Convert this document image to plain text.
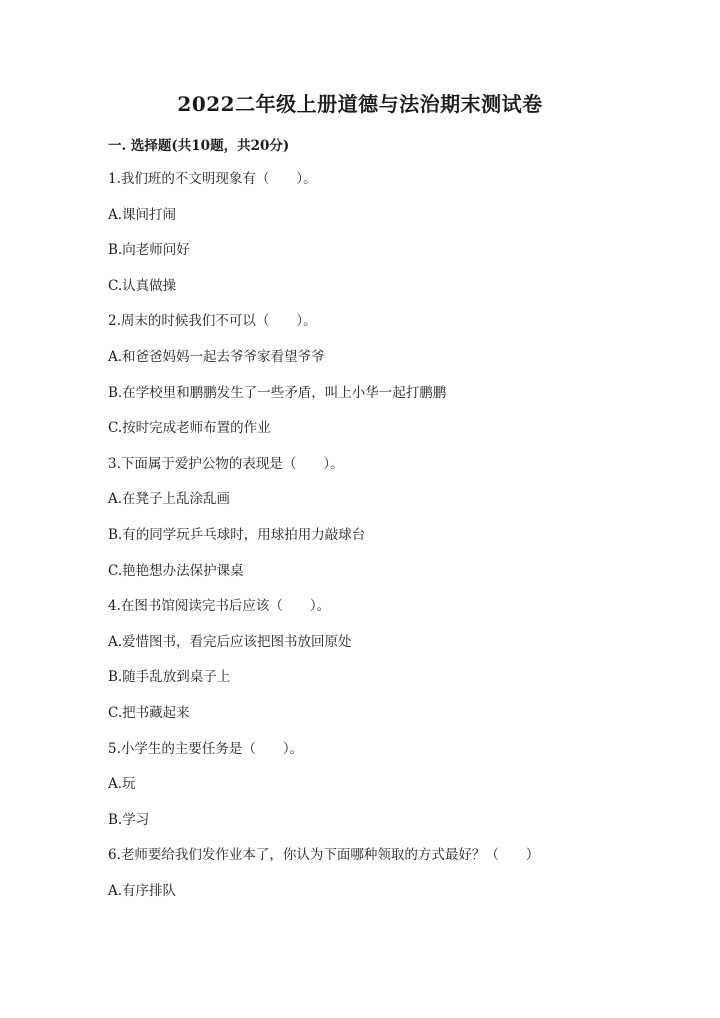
2022二年级上册道德与法治期末测试卷
一. 选择题(共10题，共20分)
1.我们班的不文明现象有（　　）。
A.课间打闹
B.向老师问好
C.认真做操
2.周末的时候我们不可以（　　）。
A.和爸爸妈妈一起去爷爷家看望爷爷
B.在学校里和鹏鹏发生了一些矛盾，叫上小华一起打鹏鹏
C.按时完成老师布置的作业
3.下面属于爱护公物的表现是（　　）。
A.在凳子上乱涂乱画
B.有的同学玩乒乓球时，用球拍用力敲球台
C.艳艳想办法保护课桌
4.在图书馆阅读完书后应该（　　）。
A.爱惜图书，看完后应该把图书放回原处
B.随手乱放到桌子上
C.把书藏起来
5.小学生的主要任务是（　　）。
A.玩
B.学习
6.老师要给我们发作业本了，你认为下面哪种领取的方式最好？（　　）
A.有序排队
